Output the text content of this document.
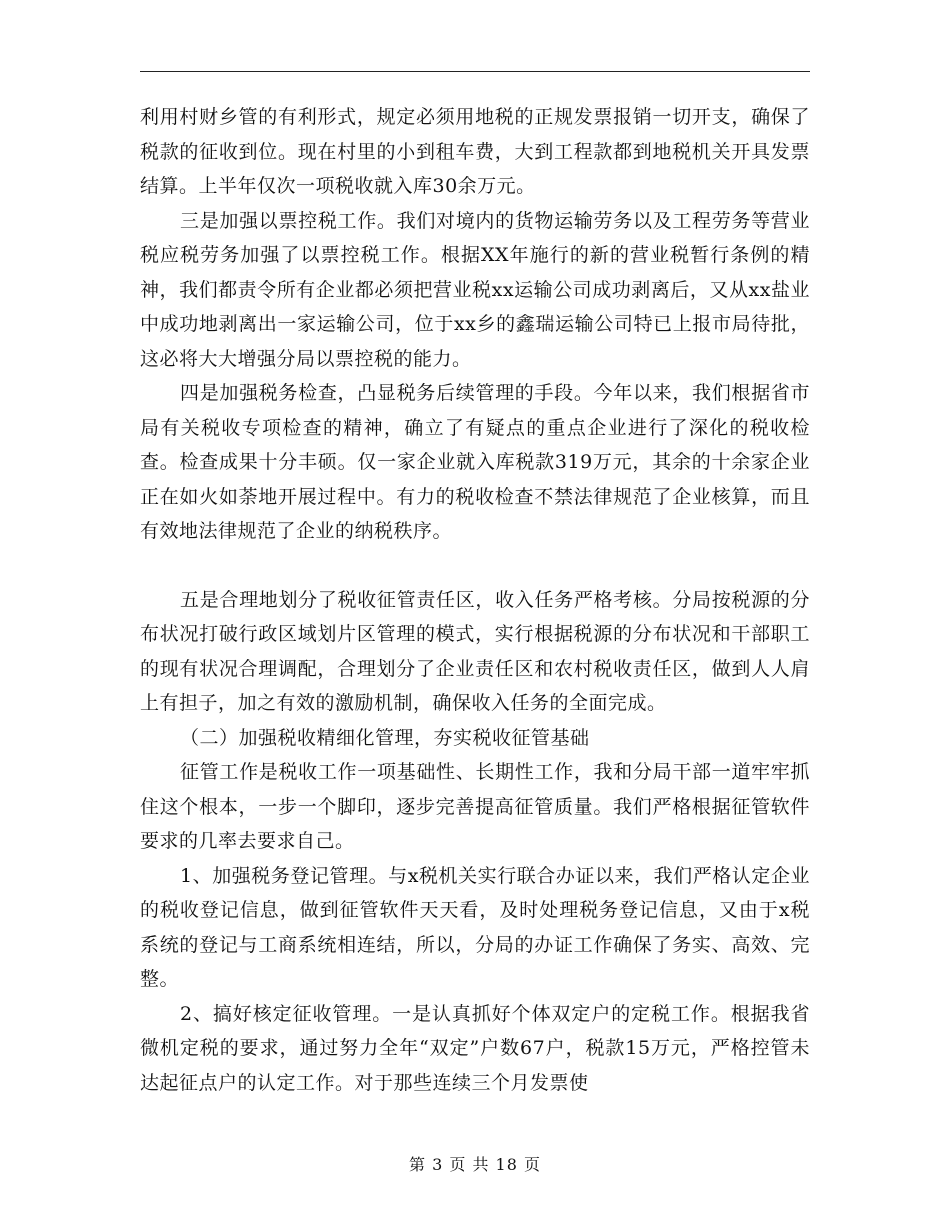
利用村财乡管的有利形式，规定必须用地税的正规发票报销一切开支，确保了税款的征收到位。现在村里的小到租车费，大到工程款都到地税机关开具发票结算。上半年仅次一项税收就入库30余万元。

三是加强以票控税工作。我们对境内的货物运输劳务以及工程劳务等营业税应税劳务加强了以票控税工作。根据XX年施行的新的营业税暂行条例的精神，我们都责令所有企业都必须把营业税xx运输公司成功剥离后，又从xx盐业中成功地剥离出一家运输公司，位于xx乡的鑫瑞运输公司特已上报市局待批，这必将大大增强分局以票控税的能力。

四是加强税务检查，凸显税务后续管理的手段。今年以来，我们根据省市局有关税收专项检查的精神，确立了有疑点的重点企业进行了深化的税收检查。检查成果十分丰硕。仅一家企业就入库税款319万元，其余的十余家企业正在如火如荼地开展过程中。有力的税收检查不禁法律规范了企业核算，而且有效地法律规范了企业的纳税秩序。

五是合理地划分了税收征管责任区，收入任务严格考核。分局按税源的分布状况打破行政区域划片区管理的模式，实行根据税源的分布状况和干部职工的现有状况合理调配，合理划分了企业责任区和农村税收责任区，做到人人肩上有担子，加之有效的激励机制，确保收入任务的全面完成。

（二）加强税收精细化管理，夯实税收征管基础

征管工作是税收工作一项基础性、长期性工作，我和分局干部一道牢牢抓住这个根本，一步一个脚印，逐步完善提高征管质量。我们严格根据征管软件要求的几率去要求自己。

1、加强税务登记管理。与x税机关实行联合办证以来，我们严格认定企业的税收登记信息，做到征管软件天天看，及时处理税务登记信息，又由于x税系统的登记与工商系统相连结，所以，分局的办证工作确保了务实、高效、完整。

2、搞好核定征收管理。一是认真抓好个体双定户的定税工作。根据我省微机定税的要求，通过努力全年“双定”户数67户，税款15万元，严格控管未达起征点户的认定工作。对于那些连续三个月发票使

第 3 页 共 18 页
